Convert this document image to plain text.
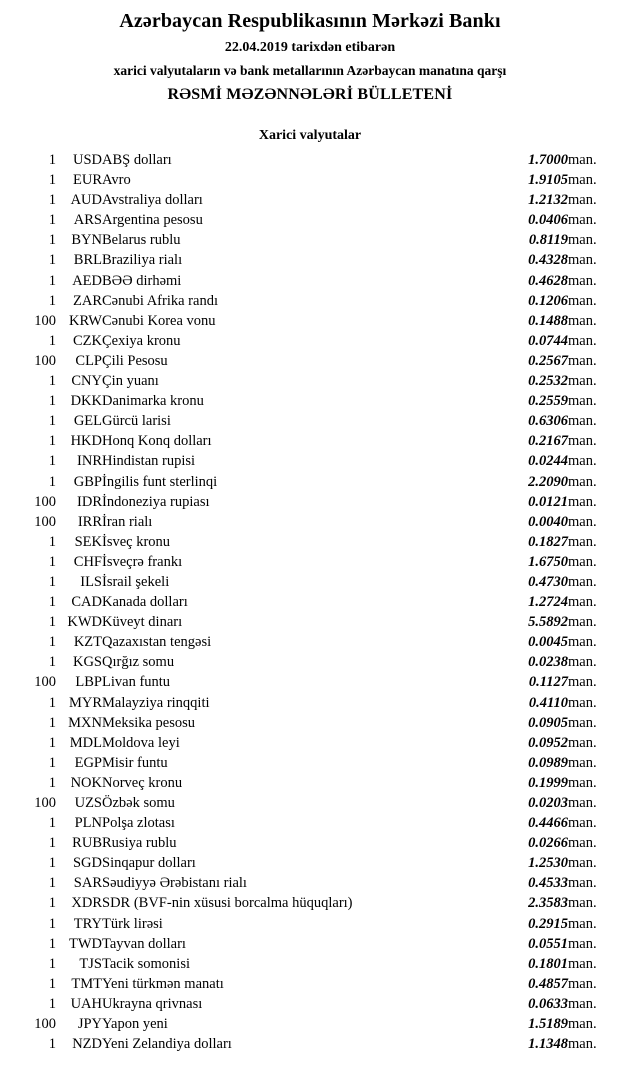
Azərbaycan Respublikasının Mərkəzi Bankı
22.04.2019 tarixdən etibarən
xarici valyutaların və bank metallarının Azərbaycan manatına qarşı
RƏSMİ MƏZƏNNƏLƏRİ BÜLLETENİ
Xarici valyutalar
1	USD	ABŞ dolları	1.7000	man.
1	EUR	Avro	1.9105	man.
1	AUD	Avstraliya dolları	1.2132	man.
1	ARS	Argentina pesosu	0.0406	man.
1	BYN	Belarus rublu	0.8119	man.
1	BRL	Braziliya rialı	0.4328	man.
1	AED	BƏƏ dirhəmi	0.4628	man.
1	ZAR	Cənubi Afrika randı	0.1206	man.
100	KRW	Cənubi Korea vonu	0.1488	man.
1	CZK	Çexiya kronu	0.0744	man.
100	CLP	Çili Pesosu	0.2567	man.
1	CNY	Çin yuanı	0.2532	man.
1	DKK	Danimarka kronu	0.2559	man.
1	GEL	Gürcü larisi	0.6306	man.
1	HKD	Honq Konq dolları	0.2167	man.
1	INR	Hindistan rupisi	0.0244	man.
1	GBP	İngilis funt sterlinqi	2.2090	man.
100	IDR	İndoneziya rupiası	0.0121	man.
100	IRR	İran rialı	0.0040	man.
1	SEK	İsveç kronu	0.1827	man.
1	CHF	İsveçrə frankı	1.6750	man.
1	ILS	İsrail şekeli	0.4730	man.
1	CAD	Kanada dolları	1.2724	man.
1	KWD	Küveyt dinarı	5.5892	man.
1	KZT	Qazaxıstan tengəsi	0.0045	man.
1	KGS	Qırğız somu	0.0238	man.
100	LBP	Livan funtu	0.1127	man.
1	MYR	Malayziya rinqqiti	0.4110	man.
1	MXN	Meksika pesosu	0.0905	man.
1	MDL	Moldova leyi	0.0952	man.
1	EGP	Misir funtu	0.0989	man.
1	NOK	Norveç kronu	0.1999	man.
100	UZS	Özbək somu	0.0203	man.
1	PLN	Polşa zlotası	0.4466	man.
1	RUB	Rusiya rublu	0.0266	man.
1	SGD	Sinqapur dolları	1.2530	man.
1	SAR	Səudiyyə Ərəbistanı rialı	0.4533	man.
1	XDR	SDR (BVF-nin xüsusi borcalma hüquqları)	2.3583	man.
1	TRY	Türk lirəsi	0.2915	man.
1	TWD	Tayvan dolları	0.0551	man.
1	TJS	Tacik somonisi	0.1801	man.
1	TMT	Yeni türkmən manatı	0.4857	man.
1	UAH	Ukrayna qrivnası	0.0633	man.
100	JPY	Yapon yeni	1.5189	man.
1	NZD	Yeni Zelandiya dolları	1.1348	man.
